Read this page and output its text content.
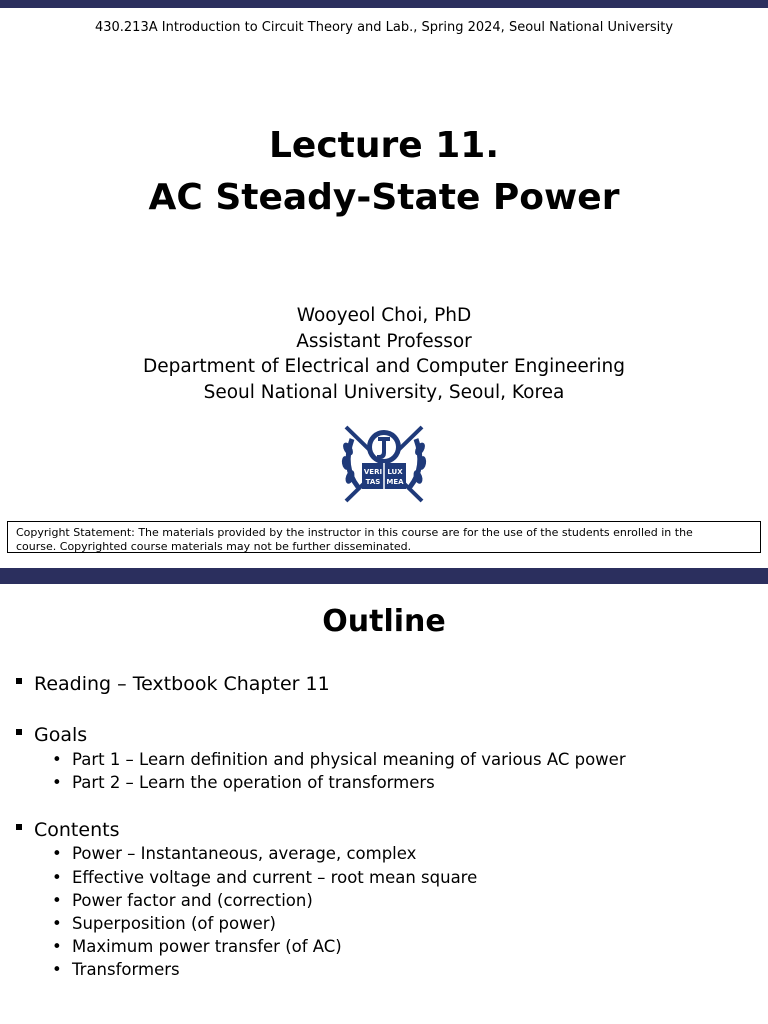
430.213A Introduction to Circuit Theory and Lab., Spring 2024, Seoul National University
Lecture 11.
AC Steady-State Power
Wooyeol Choi, PhD
Assistant Professor
Department of Electrical and Computer Engineering
Seoul National University, Seoul, Korea
VERI LUX
TAS MEA
Copyright Statement: The materials provided by the instructor in this course are for the use of the students enrolled in the
course. Copyrighted course materials may not be further disseminated.
Outline
Reading – Textbook Chapter 11
Goals
• Part 1 – Learn definition and physical meaning of various AC power
• Part 2 – Learn the operation of transformers
Contents
• Power – Instantaneous, average, complex
• Effective voltage and current – root mean square
• Power factor and (correction)
• Superposition (of power)
• Maximum power transfer (of AC)
• Transformers
